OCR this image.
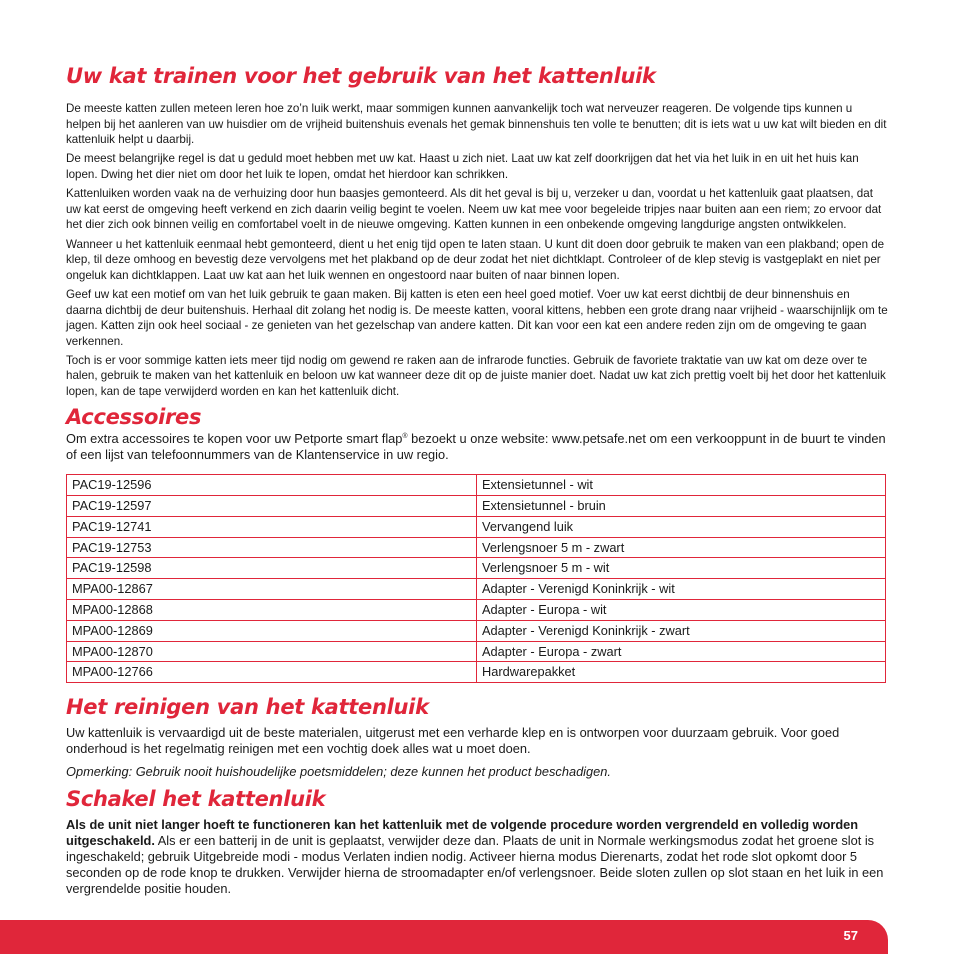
Uw kat trainen voor het gebruik van het kattenluik

De meeste katten zullen meteen leren hoe zo’n luik werkt, maar sommigen kunnen aanvankelijk toch wat nerveuzer reageren. De volgende tips kunnen u helpen bij het aanleren van uw huisdier om de vrijheid buitenshuis evenals het gemak binnenshuis ten volle te benutten; dit is iets wat u uw kat wilt bieden en dit kattenluik helpt u daarbij.

De meest belangrijke regel is dat u geduld moet hebben met uw kat. Haast u zich niet. Laat uw kat zelf doorkrijgen dat het via het luik in en uit het huis kan lopen. Dwing het dier niet om door het luik te lopen, omdat het hierdoor kan schrikken.

Kattenluiken worden vaak na de verhuizing door hun baasjes gemonteerd. Als dit het geval is bij u, verzeker u dan, voordat u het kattenluik gaat plaatsen, dat uw kat eerst de omgeving heeft verkend en zich daarin veilig begint te voelen. Neem uw kat mee voor begeleide tripjes naar buiten aan een riem; zo ervoor dat het dier zich ook binnen veilig en comfortabel voelt in de nieuwe omgeving. Katten kunnen in een onbekende omgeving langdurige angsten ontwikkelen.

Wanneer u het kattenluik eenmaal hebt gemonteerd, dient u het enig tijd open te laten staan. U kunt dit doen door gebruik te maken van een plakband; open de klep, til deze omhoog en bevestig deze vervolgens met het plakband op de deur zodat het niet dichtklapt. Controleer of de klep stevig is vastgeplakt en niet per ongeluk kan dichtklappen. Laat uw kat aan het luik wennen en ongestoord naar buiten of naar binnen lopen.

Geef uw kat een motief om van het luik gebruik te gaan maken. Bij katten is eten een heel goed motief. Voer uw kat eerst dichtbij de deur binnenshuis en daarna dichtbij de deur buitenshuis. Herhaal dit zolang het nodig is. De meeste katten, vooral kittens, hebben een grote drang naar vrijheid - waarschijnlijk om te jagen. Katten zijn ook heel sociaal - ze genieten van het gezelschap van andere katten. Dit kan voor een kat een andere reden zijn om de omgeving te gaan verkennen.

Toch is er voor sommige katten iets meer tijd nodig om gewend re raken aan de infrarode functies. Gebruik de favoriete traktatie van uw kat om deze over te halen, gebruik te maken van het kattenluik en beloon uw kat wanneer deze dit op de juiste manier doet. Nadat uw kat zich prettig voelt bij het door het kattenluik lopen, kan de tape verwijderd worden en kan het kattenluik dicht.

Accessoires

Om extra accessoires te kopen voor uw Petporte smart flap® bezoekt u onze website: www.petsafe.net om een verkooppunt in de buurt te vinden of een lijst van telefoonnummers van de Klantenservice in uw regio.

PAC19-12596	Extensietunnel - wit
PAC19-12597	Extensietunnel - bruin
PAC19-12741	Vervangend luik
PAC19-12753	Verlengsnoer 5 m - zwart
PAC19-12598	Verlengsnoer 5 m - wit
MPA00-12867	Adapter - Verenigd Koninkrijk - wit
MPA00-12868	Adapter - Europa - wit
MPA00-12869	Adapter - Verenigd Koninkrijk - zwart
MPA00-12870	Adapter - Europa - zwart
MPA00-12766	Hardwarepakket
Het reinigen van het kattenluik

Uw kattenluik is vervaardigd uit de beste materialen, uitgerust met een verharde klep en is ontworpen voor duurzaam gebruik. Voor goed onderhoud is het regelmatig reinigen met een vochtig doek alles wat u moet doen.

Opmerking: Gebruik nooit huishoudelijke poetsmiddelen; deze kunnen het product beschadigen.

Schakel het kattenluik

Als de unit niet langer hoeft te functioneren kan het kattenluik met de volgende procedure worden vergrendeld en volledig worden uitgeschakeld. Als er een batterij in de unit is geplaatst, verwijder deze dan. Plaats de unit in Normale werkingsmodus zodat het groene slot is ingeschakeld; gebruik Uitgebreide modi - modus Verlaten indien nodig. Activeer hierna modus Dierenarts, zodat het rode slot opkomt door 5 seconden op de rode knop te drukken. Verwijder hierna de stroomadapter en/of verlengsnoer. Beide sloten zullen op slot staan en het luik in een vergrendelde positie houden.

57
